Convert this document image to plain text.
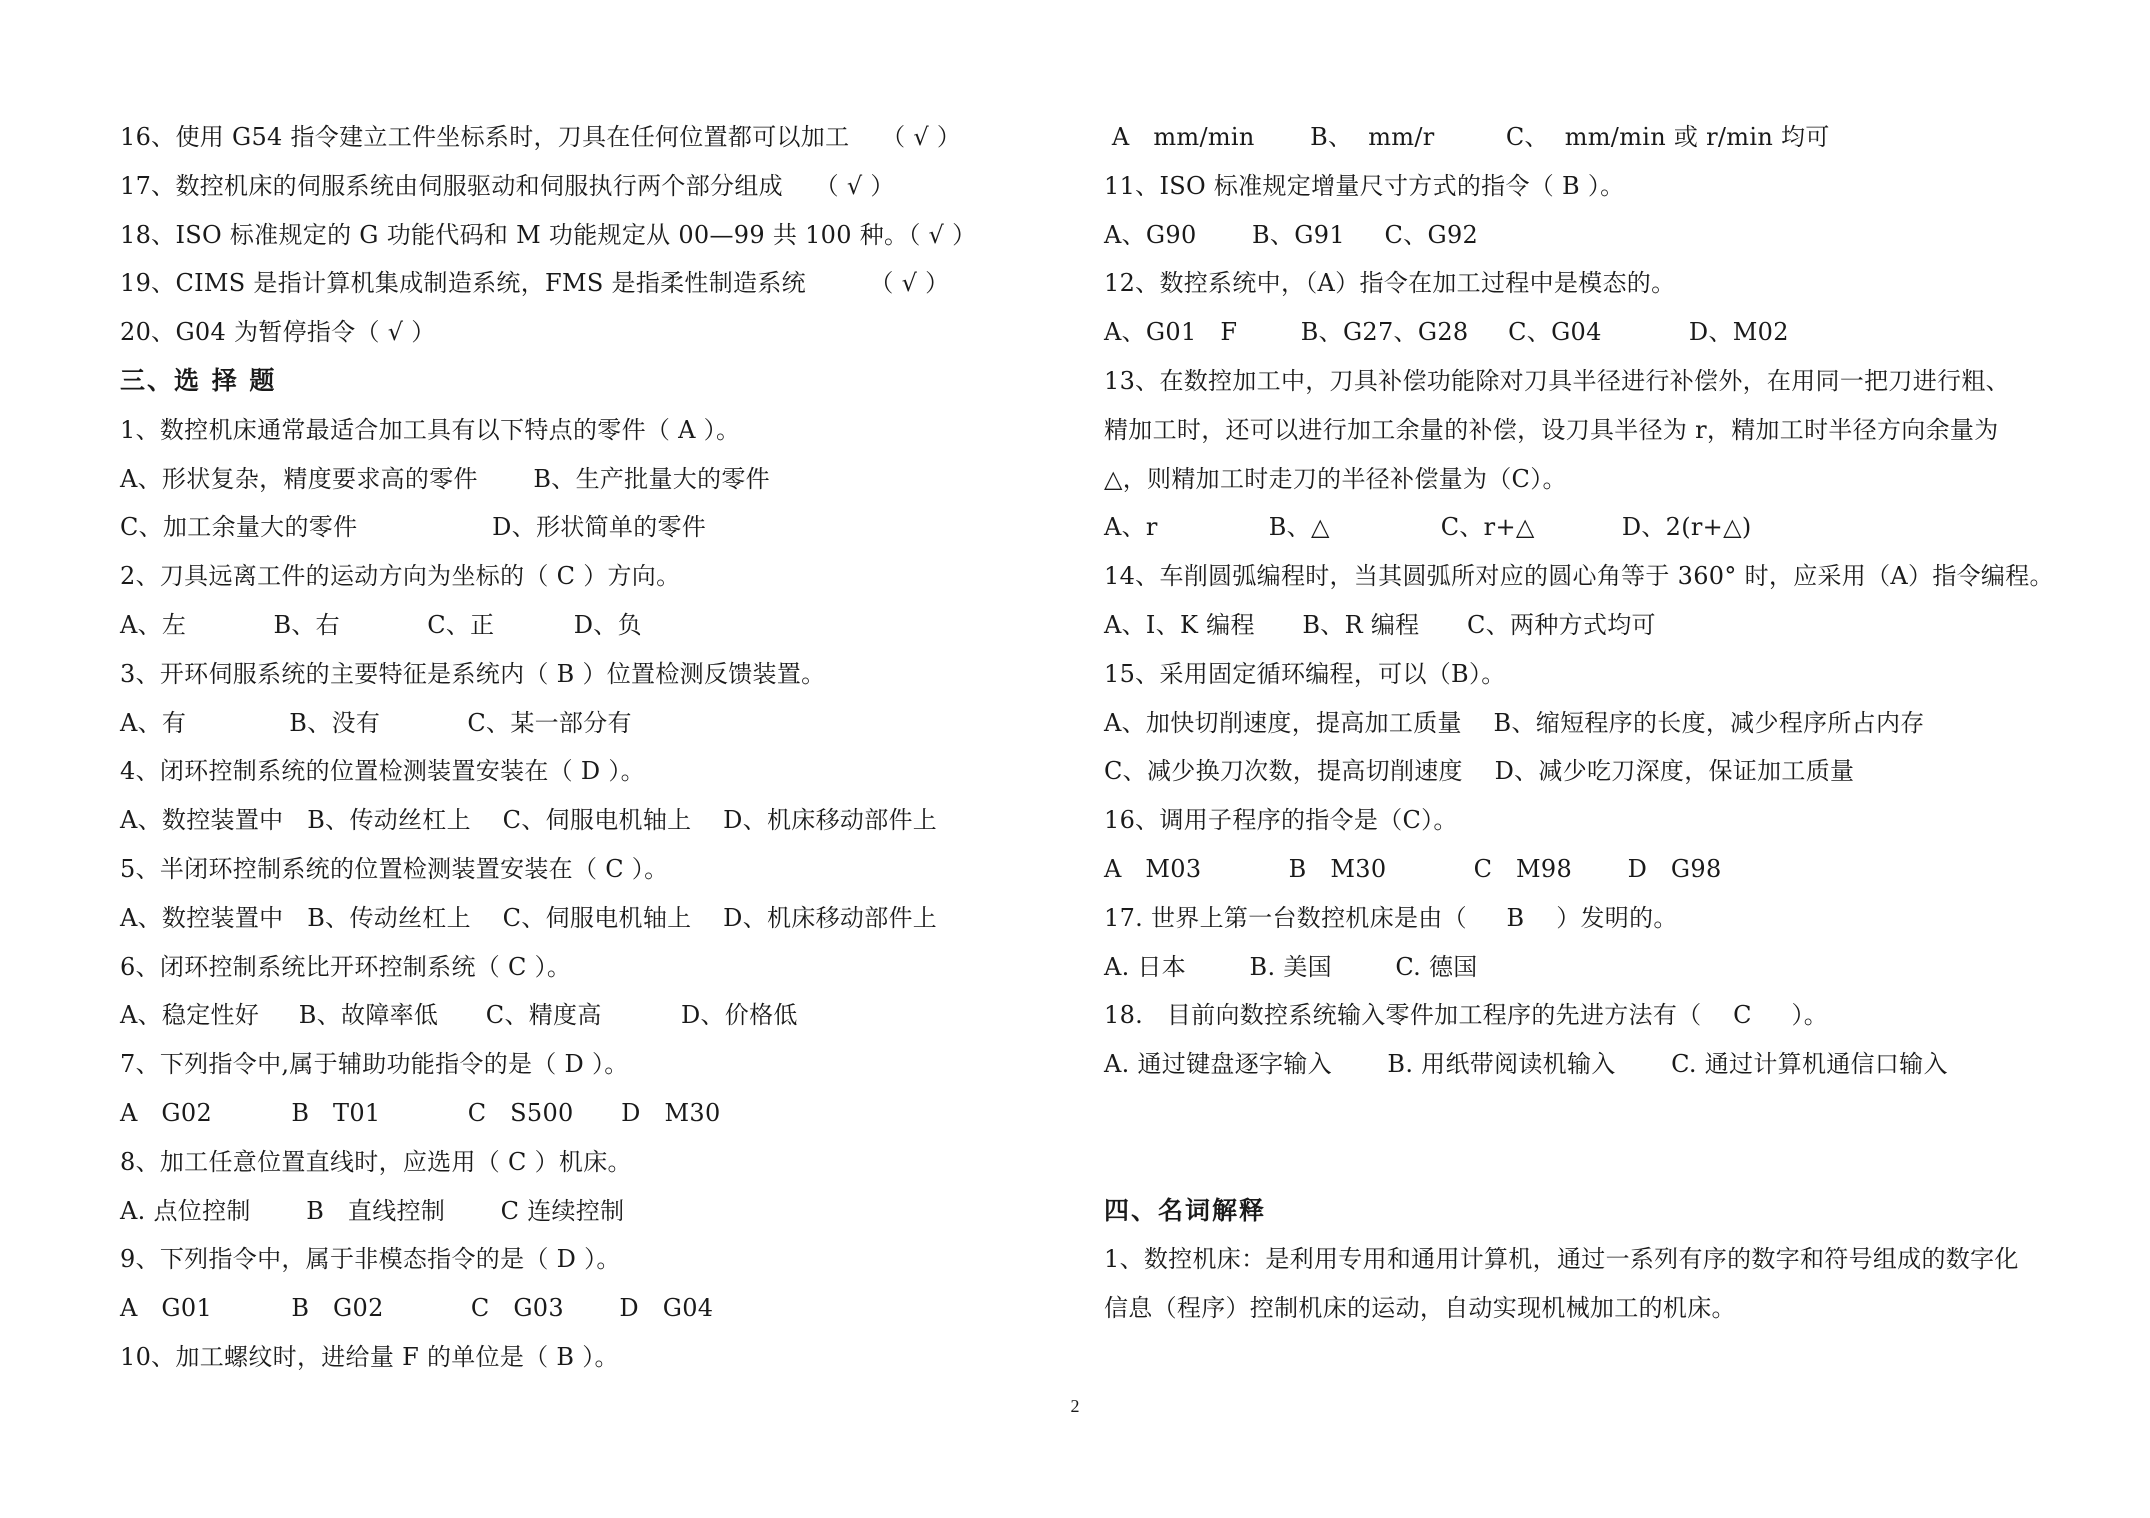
16、使用 G54 指令建立工件坐标系时，刀具在任何位置都可以加工    （ √ ）
17、数控机床的伺服系统由伺服驱动和伺服执行两个部分组成    （ √ ）
18、ISO 标准规定的 G 功能代码和 M 功能规定从 00—99 共 100 种。（ √ ）
19、CIMS 是指计算机集成制造系统，FMS 是指柔性制造系统        （ √ ）
20、G04 为暂停指令（ √ ）
三、选 择 题
1、数控机床通常最适合加工具有以下特点的零件（ A ）。
A、形状复杂，精度要求高的零件       B、生产批量大的零件
C、加工余量大的零件                 D、形状简单的零件
2、刀具远离工件的运动方向为坐标的（ C ）方向。
A、左           B、右           C、正          D、负
3、开环伺服系统的主要特征是系统内（ B ）位置检测反馈装置。
A、有             B、没有           C、某一部分有
4、闭环控制系统的位置检测装置安装在（ D ）。
A、数控装置中   B、传动丝杠上    C、伺服电机轴上    D、机床移动部件上
5、半闭环控制系统的位置检测装置安装在（ C ）。
A、数控装置中   B、传动丝杠上    C、伺服电机轴上    D、机床移动部件上
6、闭环控制系统比开环控制系统（ C ）。
A、稳定性好     B、故障率低      C、精度高          D、价格低
7、下列指令中,属于辅助功能指令的是（ D ）。
A   G02          B   T01           C   S500      D   M30
8、加工任意位置直线时，应选用（ C ）机床。
A. 点位控制       B   直线控制       C 连续控制
9、下列指令中，属于非模态指令的是（ D ）。
A   G01          B   G02           C   G03       D   G04
10、加工螺纹时，进给量 F 的单位是（ B ）。
A   mm/min       B、  mm/r         C、  mm/min 或 r/min 均可
11、ISO 标准规定增量尺寸方式的指令（ B ）。
A、G90       B、G91     C、G92
12、数控系统中，（A）指令在加工过程中是模态的。
A、G01   F        B、G27、G28     C、G04           D、M02
13、在数控加工中，刀具补偿功能除对刀具半径进行补偿外，在用同一把刀进行粗、
精加工时，还可以进行加工余量的补偿，设刀具半径为 r，精加工时半径方向余量为
△，则精加工时走刀的半径补偿量为（C）。
A、r              B、△              C、r+△           D、2(r+△)
14、车削圆弧编程时，当其圆弧所对应的圆心角等于 360° 时，应采用（A）指令编程。
A、I、K 编程      B、R 编程      C、两种方式均可
15、采用固定循环编程，可以（B）。
A、加快切削速度，提高加工质量    B、缩短程序的长度，减少程序所占内存
C、减少换刀次数，提高切削速度    D、减少吃刀深度，保证加工质量
16、调用子程序的指令是（C）。
A   M03           B   M30           C   M98       D   G98
17. 世界上第一台数控机床是由（     B    ）发明的。
A. 日本        B. 美国        C. 德国
18.   目前向数控系统输入零件加工程序的先进方法有（    C     ）。
A. 通过键盘逐字输入       B. 用纸带阅读机输入       C. 通过计算机通信口输入
四、名词解释
1、数控机床：是利用专用和通用计算机，通过一系列有序的数字和符号组成的数字化
信息（程序）控制机床的运动，自动实现机械加工的机床。
2
